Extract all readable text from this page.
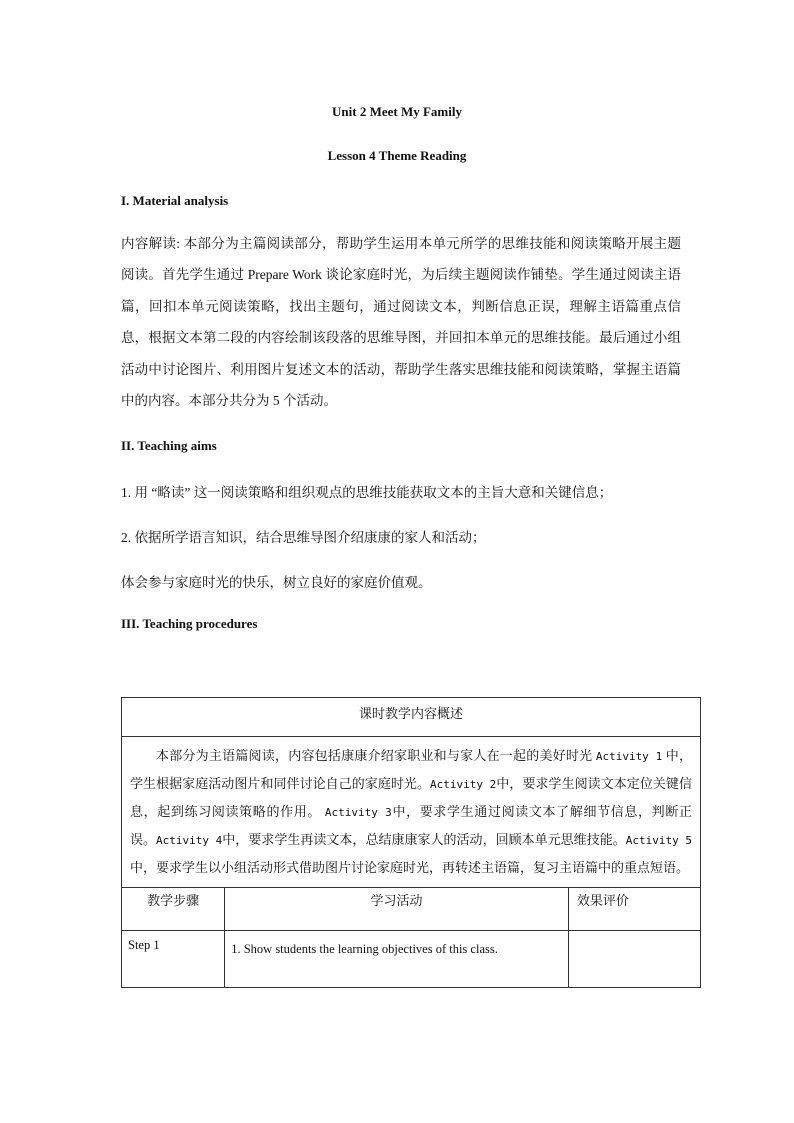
Unit 2 Meet My Family
Lesson 4 Theme Reading
I. Material analysis
内容解读: 本部分为主篇阅读部分，帮助学生运用本单元所学的思维技能和阅读策略开展主题阅读。首先学生通过 Prepare Work 谈论家庭时光，为后续主题阅读作铺垫。学生通过阅读主语篇，回扣本单元阅读策略，找出主题句，通过阅读文本，判断信息正误，理解主语篇重点信息，根据文本第二段的内容绘制该段落的思维导图，并回扣本单元的思维技能。最后通过小组活动中讨论图片、利用图片复述文本的活动，帮助学生落实思维技能和阅读策略，掌握主语篇中的内容。本部分共分为 5 个活动。
II. Teaching aims
1. 用 “略读” 这一阅读策略和组织观点的思维技能获取文本的主旨大意和关键信息；
2. 依据所学语言知识，结合思维导图介绍康康的家人和活动；
体会参与家庭时光的快乐，树立良好的家庭价值观。
III. Teaching procedures
课时教学内容概述		
本部分为主语篇阅读，内容包括康康介绍家职业和与家人在一起的美好时光 Activity 1 中，学生根据家庭活动图片和同伴讨论自己的家庭时光。Activity 2中，要求学生阅读文本定位关键信息，起到练习阅读策略的作用。 Activity 3中，要求学生通过阅读文本了解细节信息，判断正误。Activity 4中，要求学生再读文本，总结康康家人的活动，回顾本单元思维技能。Activity 5 中，要求学生以小组活动形式借助图片讨论家庭时光，再转述主语篇，复习主语篇中的重点短语。		
教学步骤	学习活动	效果评价
Step 1	1. Show students the learning objectives of this class.	
